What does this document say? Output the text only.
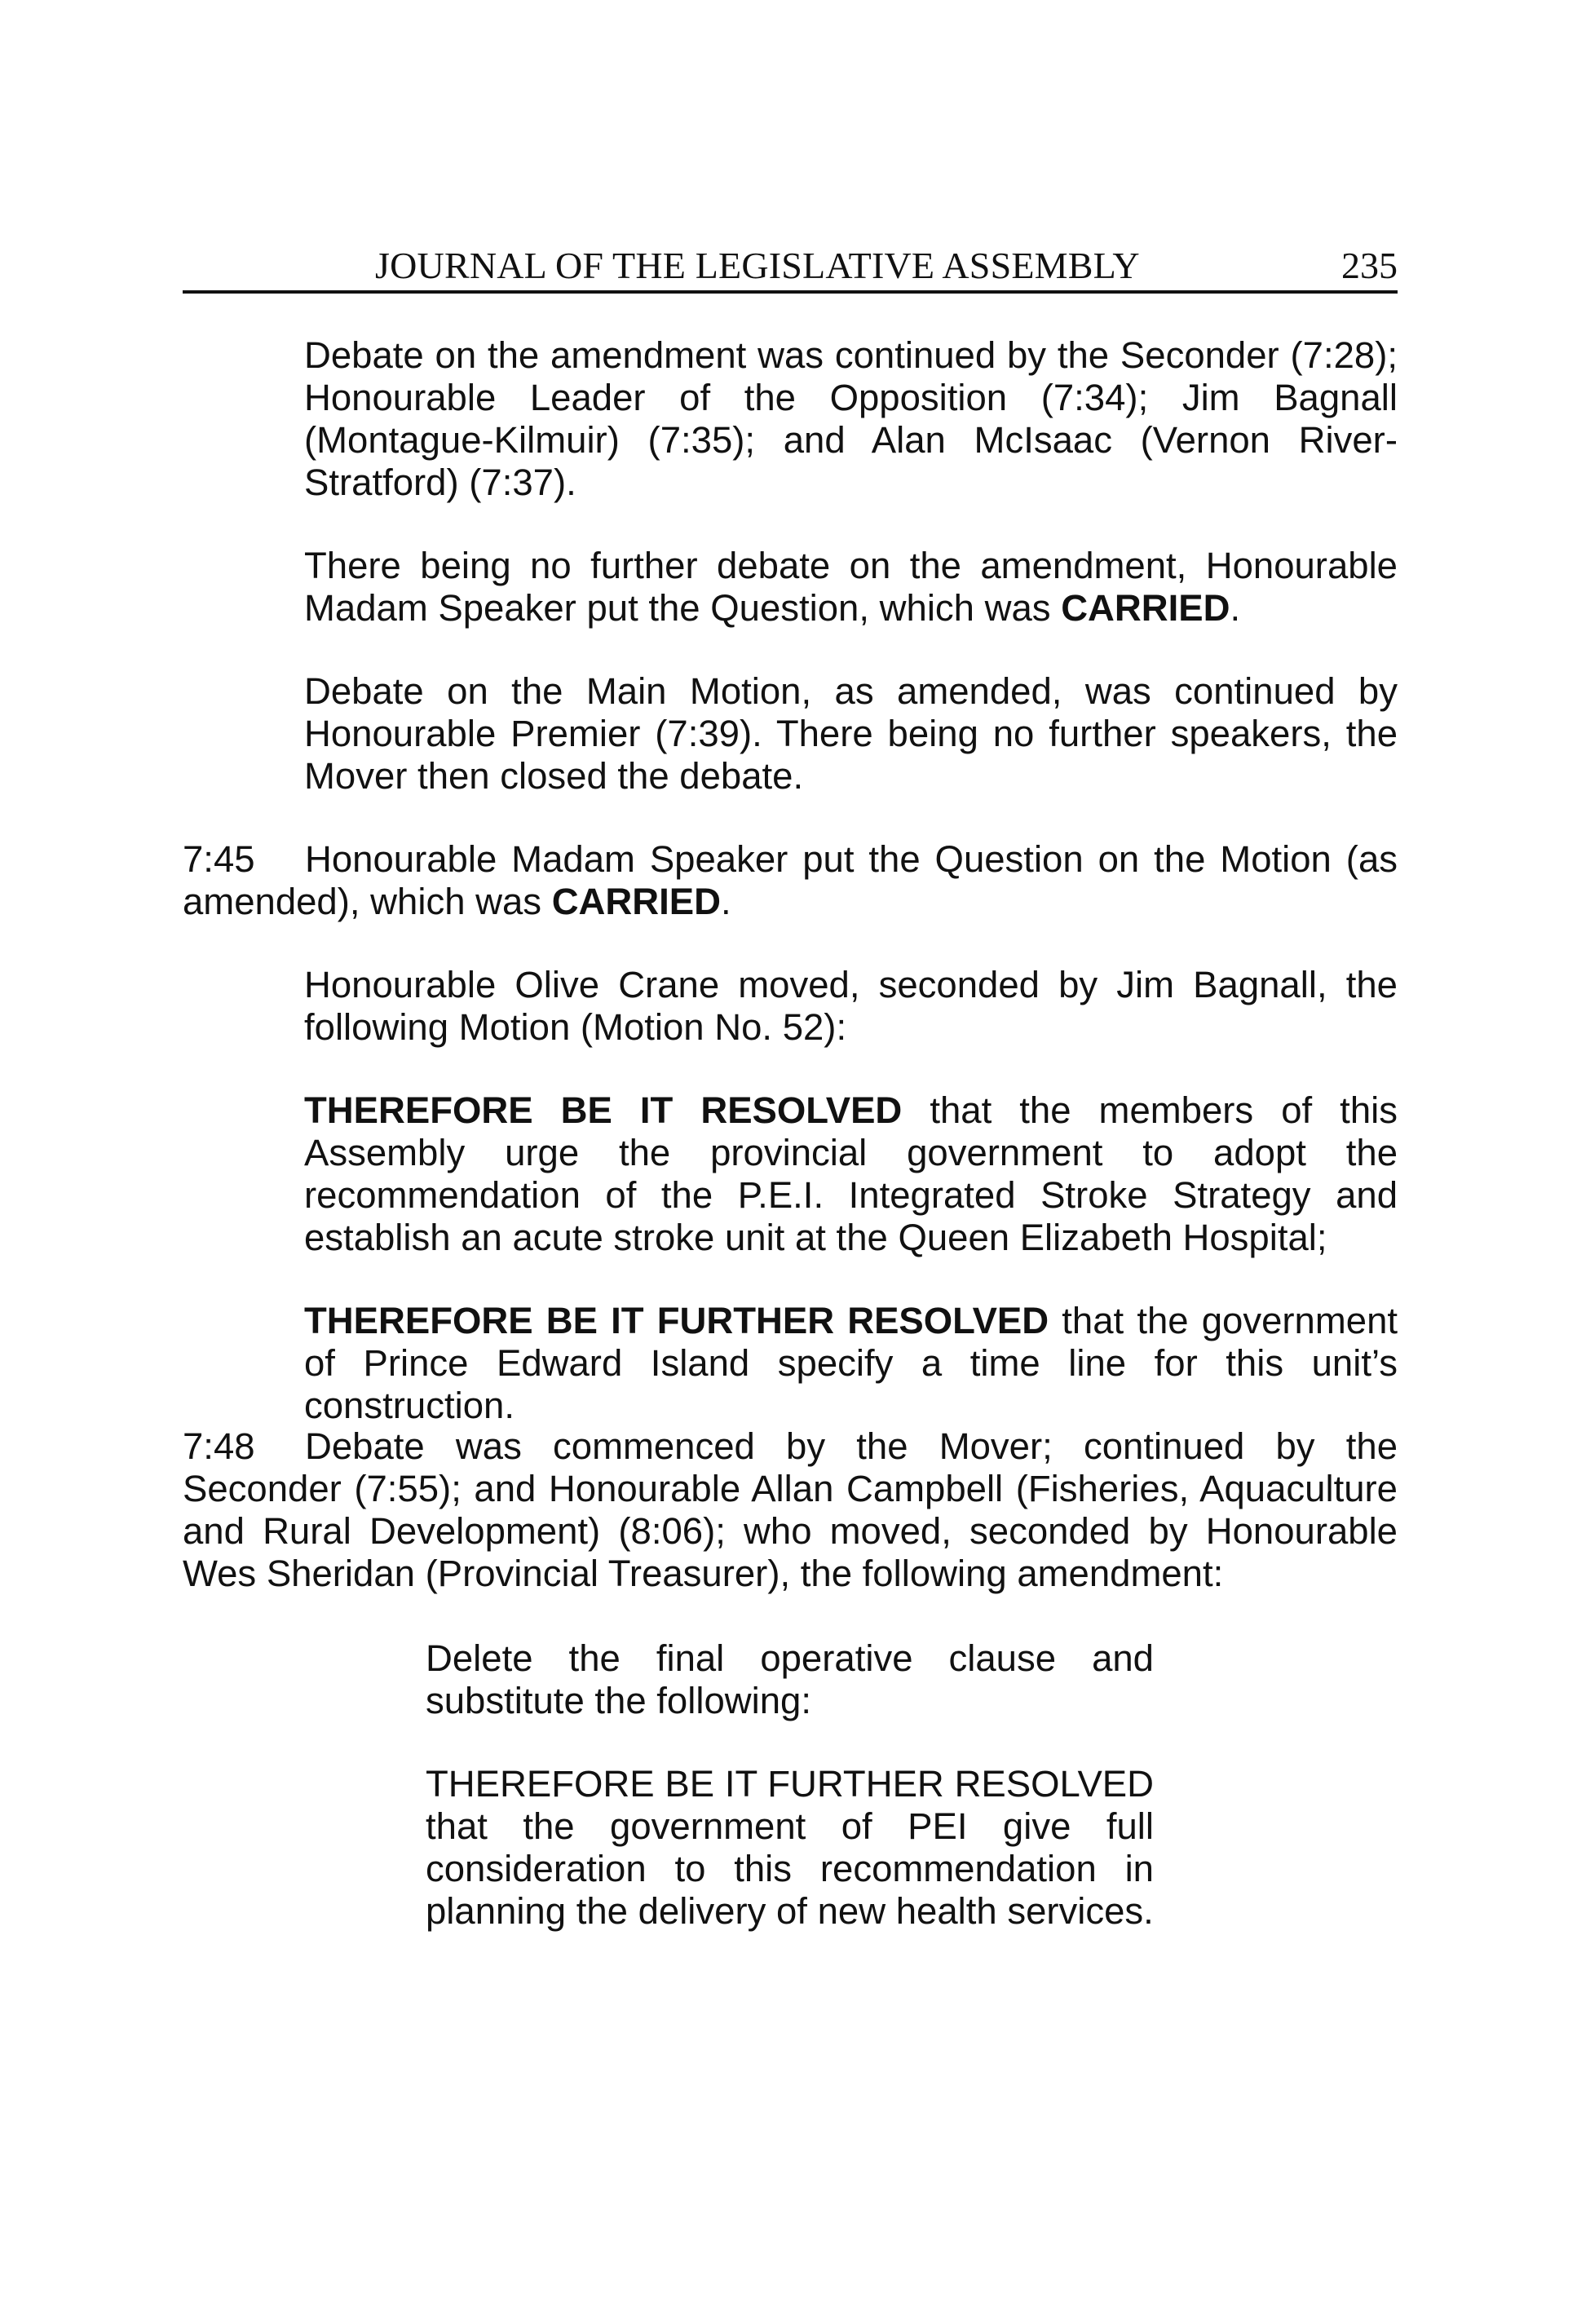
JOURNAL OF THE LEGISLATIVE ASSEMBLY	235

Debate on the amendment was continued by the Seconder (7:28); Honourable Leader of the Opposition (7:34); Jim Bagnall (Montague-Kilmuir) (7:35); and Alan McIsaac (Vernon River-Stratford) (7:37).

There being no further debate on the amendment, Honourable Madam Speaker put the Question, which was CARRIED.

Debate on the Main Motion, as amended, was continued by Honourable Premier (7:39). There being no further speakers, the Mover then closed the debate.

7:45 Honourable Madam Speaker put the Question on the Motion (as amended), which was CARRIED.

Honourable Olive Crane moved, seconded by Jim Bagnall, the following Motion (Motion No. 52):

THEREFORE BE IT RESOLVED that the members of this Assembly urge the provincial government to adopt the recommendation of the P.E.I. Integrated Stroke Strategy and establish an acute stroke unit at the Queen Elizabeth Hospital;

THEREFORE BE IT FURTHER RESOLVED that the government of Prince Edward Island specify a time line for this unit’s construction.

7:48 Debate was commenced by the Mover; continued by the Seconder (7:55); and Honourable Allan Campbell (Fisheries, Aquaculture and Rural Development) (8:06); who moved, seconded by Honourable Wes Sheridan (Provincial Treasurer), the following amendment:

Delete the final operative clause and substitute the following:

THEREFORE BE IT FURTHER RESOLVED that the government of PEI give full consideration to this recommendation in planning the delivery of new health services.
